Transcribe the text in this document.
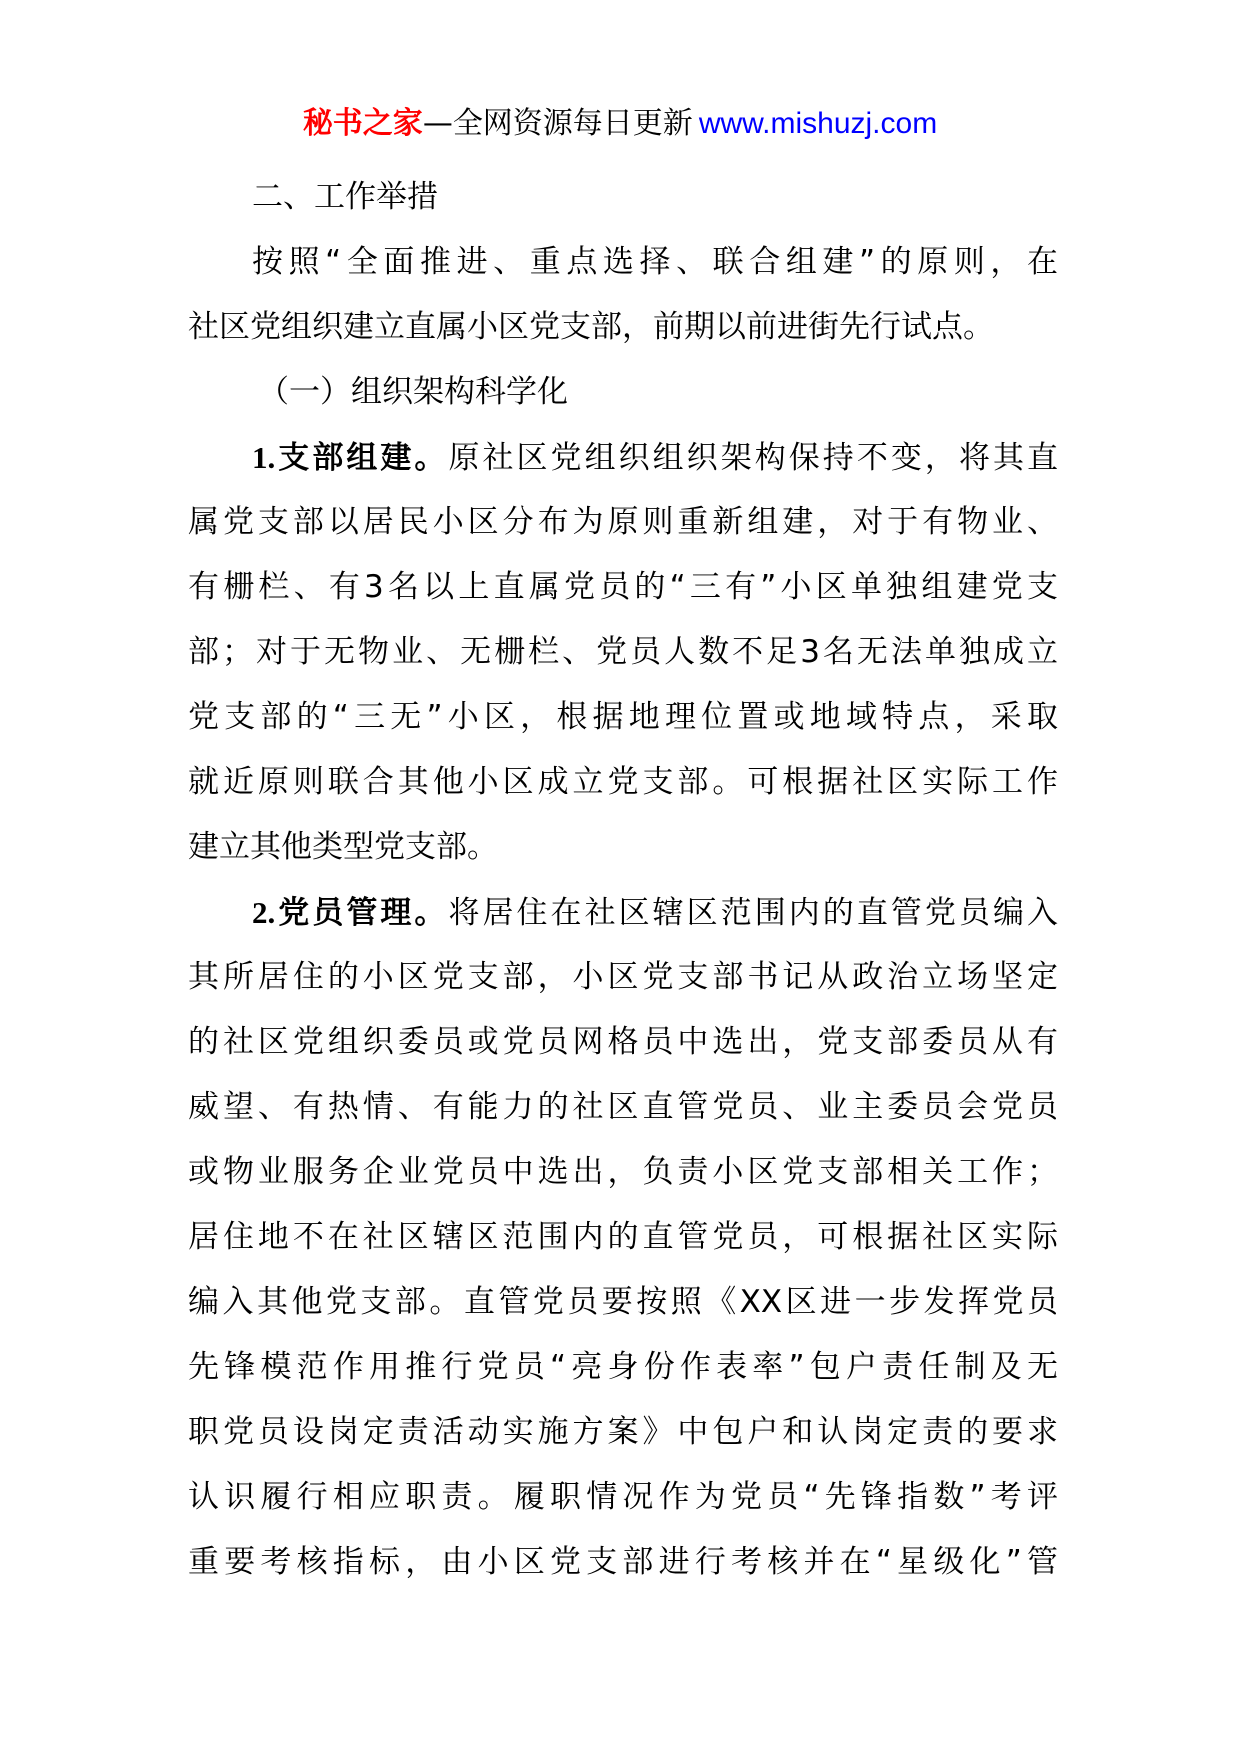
秘书之家—全网资源每日更新 www.mishuzj.com
二、工作举措
按照“全面推进、重点选择、联合组建”的原则，在
社区党组织建立直属小区党支部，前期以前进街先行试点。
（一）组织架构科学化
1.支部组建。原社区党组织组织架构保持不变，将其直
属党支部以居民小区分布为原则重新组建，对于有物业、
有栅栏、有3名以上直属党员的“三有”小区单独组建党支
部；对于无物业、无栅栏、党员人数不足3名无法单独成立
党支部的“三无”小区，根据地理位置或地域特点，采取
就近原则联合其他小区成立党支部。可根据社区实际工作
建立其他类型党支部。
2.党员管理。将居住在社区辖区范围内的直管党员编入
其所居住的小区党支部，小区党支部书记从政治立场坚定
的社区党组织委员或党员网格员中选出，党支部委员从有
威望、有热情、有能力的社区直管党员、业主委员会党员
或物业服务企业党员中选出，负责小区党支部相关工作；
居住地不在社区辖区范围内的直管党员，可根据社区实际
编入其他党支部。直管党员要按照《XX区进一步发挥党员
先锋模范作用推行党员“亮身份作表率”包户责任制及无
职党员设岗定责活动实施方案》中包户和认岗定责的要求
认识履行相应职责。履职情况作为党员“先锋指数”考评
重要考核指标，由小区党支部进行考核并在“星级化”管
